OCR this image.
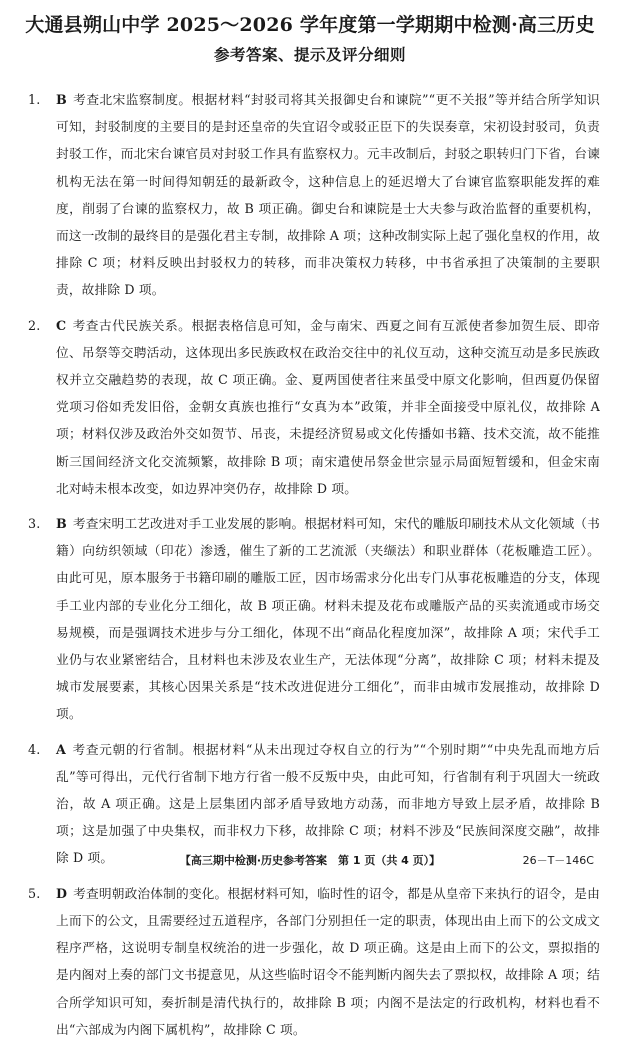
大通县朔山中学 2025～2026 学年度第一学期期中检测·高三历史
参考答案、提示及评分细则

1. B 考查北宋监察制度。根据材料“封驳司将其关报御史台和谏院”“更不关报”等并结合所学知识可知，封驳制度的主要目的是封还皇帝的失宜诏令或驳正臣下的失误奏章，宋初设封驳司，负责封驳工作，而北宋台谏官员对封驳工作具有监察权力。元丰改制后，封驳之职转归门下省，台谏机构无法在第一时间得知朝廷的最新政令，这种信息上的延迟增大了台谏官监察职能发挥的难度，削弱了台谏的监察权力，故 B 项正确。御史台和谏院是士大夫参与政治监督的重要机构，而这一改制的最终目的是强化君主专制，故排除 A 项；这种改制实际上起了强化皇权的作用，故排除 C 项；材料反映出封驳权力的转移，而非决策权力转移，中书省承担了决策制的主要职责，故排除 D 项。

2. C 考查古代民族关系。根据表格信息可知，金与南宋、西夏之间有互派使者参加贺生辰、即帝位、吊祭等交聘活动，这体现出多民族政权在政治交往中的礼仪互动，这种交流互动是多民族政权并立交融趋势的表现，故 C 项正确。金、夏两国使者往来虽受中原文化影响，但西夏仍保留党项习俗如秃发旧俗，金朝女真族也推行“女真为本”政策，并非全面接受中原礼仪，故排除 A 项；材料仅涉及政治外交如贺节、吊丧，未提经济贸易或文化传播如书籍、技术交流，故不能推断三国间经济文化交流频繁，故排除 B 项；南宋遣使吊祭金世宗显示局面短暂缓和，但金宋南北对峙未根本改变，如边界冲突仍存，故排除 D 项。

3. B 考查宋明工艺改进对手工业发展的影响。根据材料可知，宋代的雕版印刷技术从文化领域（书籍）向纺织领域（印花）渗透，催生了新的工艺流派（夹缬法）和职业群体（花板雕造工匠）。由此可见，原本服务于书籍印刷的雕版工匠，因市场需求分化出专门从事花板雕造的分支，体现手工业内部的专业化分工细化，故 B 项正确。材料未提及花布或雕版产品的买卖流通或市场交易规模，而是强调技术进步与分工细化，体现不出“商品化程度加深”，故排除 A 项；宋代手工业仍与农业紧密结合，且材料也未涉及农业生产，无法体现“分离”，故排除 C 项；材料未提及城市发展要素，其核心因果关系是“技术改进促进分工细化”，而非由城市发展推动，故排除 D 项。

4. A 考查元朝的行省制。根据材料“从未出现过夺权自立的行为”“个别时期”“中央先乱而地方后乱”等可得出，元代行省制下地方行省一般不反叛中央，由此可知，行省制有利于巩固大一统政治，故 A 项正确。这是上层集团内部矛盾导致地方动荡，而非地方导致上层矛盾，故排除 B 项；这是加强了中央集权，而非权力下移，故排除 C 项；材料不涉及“民族间深度交融”，故排除 D 项。

5. D 考查明朝政治体制的变化。根据材料可知，临时性的诏令，都是从皇帝下来执行的诏令，是由上而下的公文，且需要经过五道程序，各部门分别担任一定的职责，体现出由上而下的公文成文程序严格，这说明专制皇权统治的进一步强化，故 D 项正确。这是由上而下的公文，票拟指的是内阁对上奏的部门文书提意见，从这些临时诏令不能判断内阁失去了票拟权，故排除 A 项；结合所学知识可知，奏折制是清代执行的，故排除 B 项；内阁不是法定的行政机构，材料也看不出“六部成为内阁下属机构”，故排除 C 项。

【高三期中检测·历史参考答案　第 1 页（共 4 页）】	26－T－146C
